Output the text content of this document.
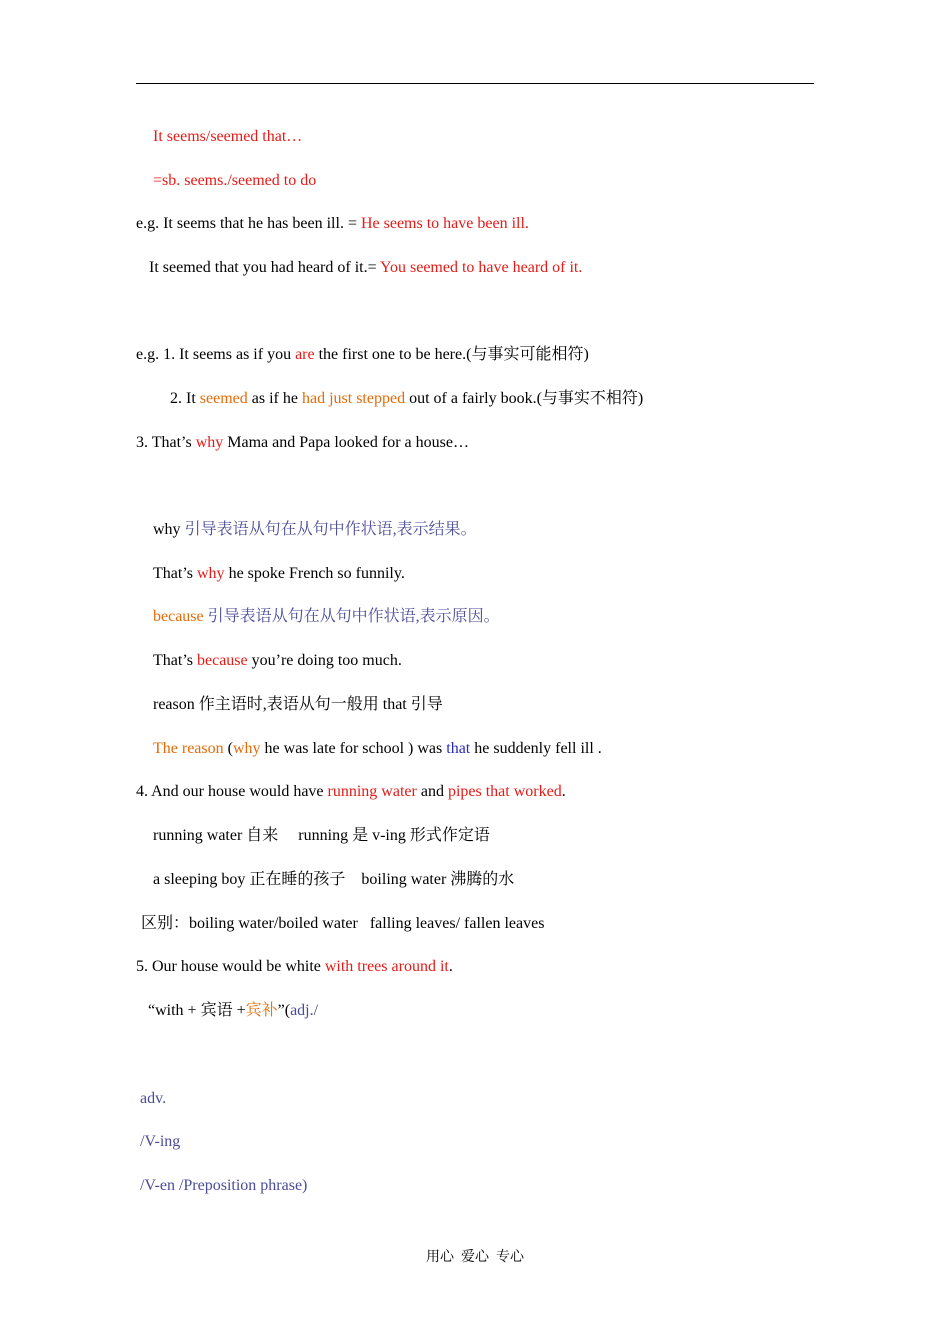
It seems/seemed that…
=sb. seems./seemed to do
e.g. It seems that he has been ill. = He seems to have been ill.
It seemed that you had heard of it.= You seemed to have heard of it.
e.g. 1. It seems as if you are the first one to be here.(与事实可能相符)
2. It seemed as if he had just stepped out of a fairly book.(与事实不相符)
3. That’s why Mama and Papa looked for a house…
why 引导表语从句在从句中作状语,表示结果。
That’s why he spoke French so funnily.
because 引导表语从句在从句中作状语,表示原因。
That’s because you’re doing too much.
reason 作主语时,表语从句一般用 that 引导
The reason (why he was late for school ) was that he suddenly fell ill .
4. And our house would have running water and pipes that worked.
running water 自来     running 是 v-ing 形式作定语
a sleeping boy 正在睡的孩子    boiling water 沸腾的水
区别：boiling water/boiled water   falling leaves/ fallen leaves
5. Our house would be white with trees around it.
“with + 宾语 +宾补”(adj./
adv.
/V-ing
/V-en /Preposition phrase)
用心  爱心  专心
